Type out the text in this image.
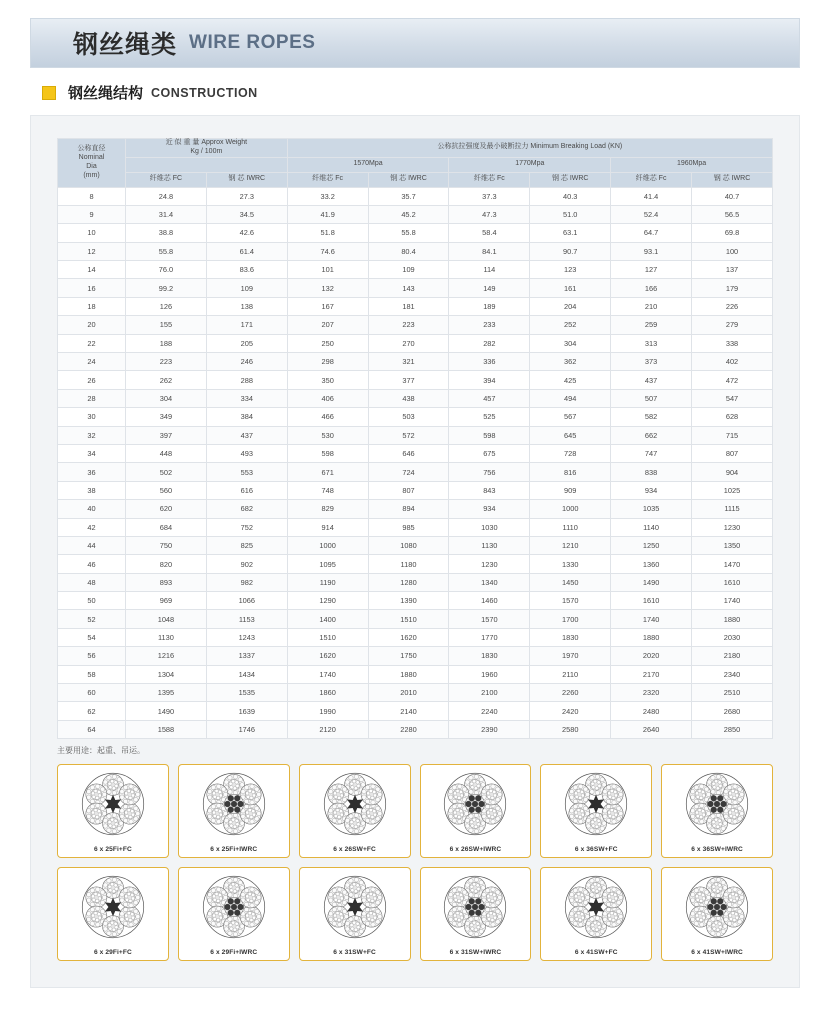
钢丝绳类 WIRE ROPES
钢丝绳结构 CONSTRUCTION
公称直径
Nominal
Dia
(mm)

近 似 重 量 Approx Weight
Kg / 100m
	公称抗拉强度及最小破断拉力 Minimum Breaking Load (KN)
			1570Mpa		1770Mpa		1960Mpa	
	纤维芯 FC	钢 芯 IWRC	纤维芯 Fc	钢 芯 IWRC	纤维芯 Fc	钢 芯 IWRC	纤维芯 Fc	钢 芯 IWRC
8	24.8	27.3	33.2	35.7	37.3	40.3	41.4	40.7
9	31.4	34.5	41.9	45.2	47.3	51.0	52.4	56.5
10	38.8	42.6	51.8	55.8	58.4	63.1	64.7	69.8
12	55.8	61.4	74.6	80.4	84.1	90.7	93.1	100
14	76.0	83.6	101	109	114	123	127	137
16	99.2	109	132	143	149	161	166	179
18	126	138	167	181	189	204	210	226
20	155	171	207	223	233	252	259	279
22	188	205	250	270	282	304	313	338
24	223	246	298	321	336	362	373	402
26	262	288	350	377	394	425	437	472
28	304	334	406	438	457	494	507	547
30	349	384	466	503	525	567	582	628
32	397	437	530	572	598	645	662	715
34	448	493	598	646	675	728	747	807
36	502	553	671	724	756	816	838	904
38	560	616	748	807	843	909	934	1025
40	620	682	829	894	934	1000	1035	1115
42	684	752	914	985	1030	1110	1140	1230
44	750	825	1000	1080	1130	1210	1250	1350
46	820	902	1095	1180	1230	1330	1360	1470
48	893	982	1190	1280	1340	1450	1490	1610
50	969	1066	1290	1390	1460	1570	1610	1740
52	1048	1153	1400	1510	1570	1700	1740	1880
54	1130	1243	1510	1620	1770	1830	1880	2030
56	1216	1337	1620	1750	1830	1970	2020	2180
58	1304	1434	1740	1880	1960	2110	2170	2340
60	1395	1535	1860	2010	2100	2260	2320	2510
62	1490	1639	1990	2140	2240	2420	2480	2680
64	1588	1746	2120	2280	2390	2580	2640	2850
主要用途：起重、吊运。
6 x 25Fi+FC	6 x 25Fi+IWRC	6 x 26SW+FC	6 x 26SW+IWRC	6 x 36SW+FC	6 x 36SW+IWRC
6 x 29Fi+FC	6 x 29Fi+IWRC	6 x 31SW+FC	6 x 31SW+IWRC	6 x 41SW+FC	6 x 41SW+IWRC
